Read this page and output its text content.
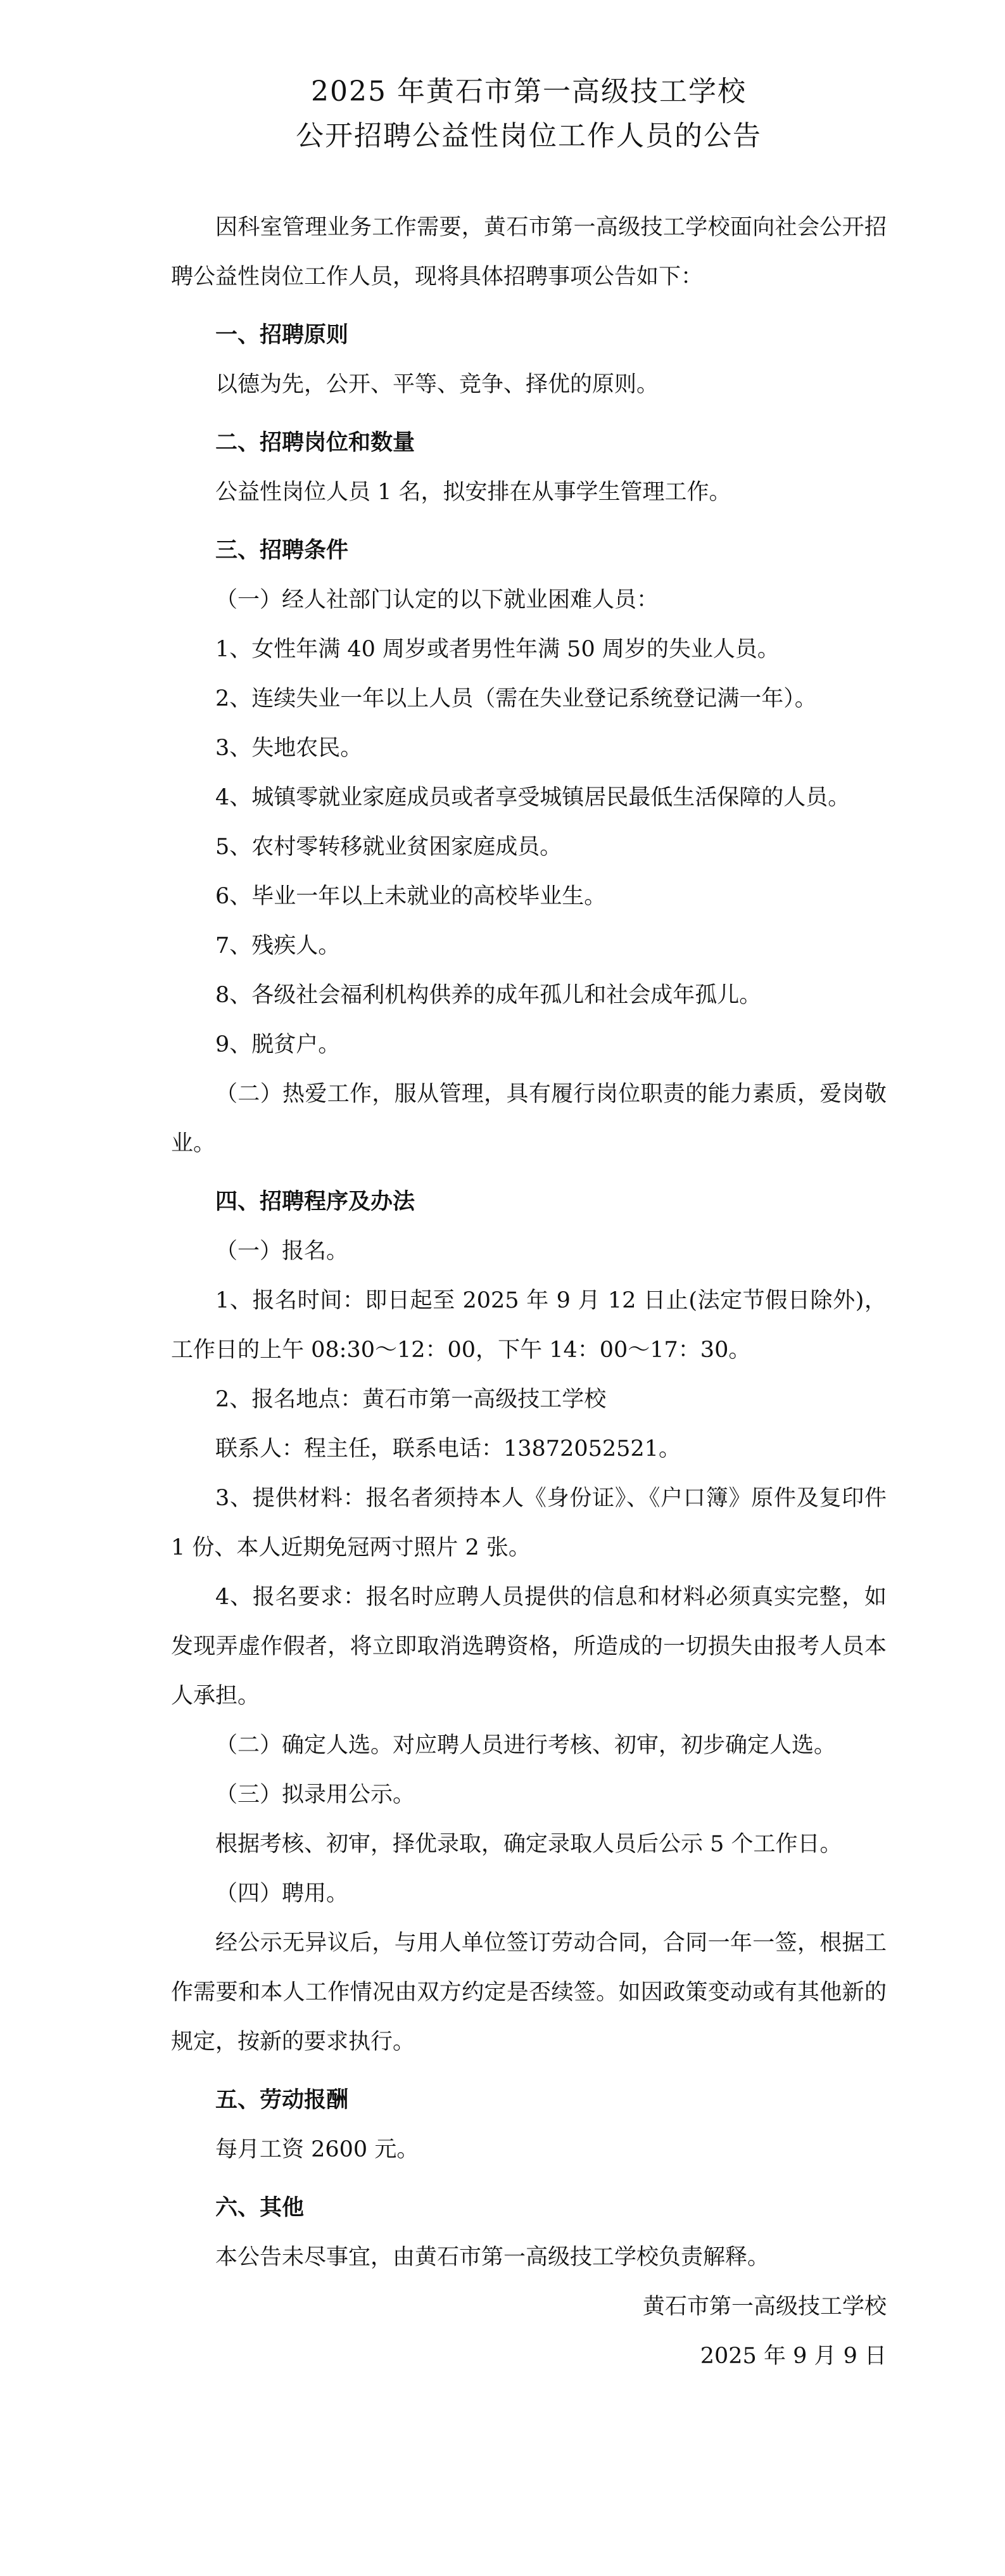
2025 年黄石市第一高级技工学校
公开招聘公益性岗位工作人员的公告

因科室管理业务工作需要，黄石市第一高级技工学校面向社会公开招聘公益性岗位工作人员，现将具体招聘事项公告如下：

一、招聘原则

以德为先，公开、平等、竞争、择优的原则。

二、招聘岗位和数量

公益性岗位人员 1 名，拟安排在从事学生管理工作。

三、招聘条件

（一）经人社部门认定的以下就业困难人员：

1、女性年满 40 周岁或者男性年满 50 周岁的失业人员。

2、连续失业一年以上人员（需在失业登记系统登记满一年）。

3、失地农民。

4、城镇零就业家庭成员或者享受城镇居民最低生活保障的人员。

5、农村零转移就业贫困家庭成员。

6、毕业一年以上未就业的高校毕业生。

7、残疾人。

8、各级社会福利机构供养的成年孤儿和社会成年孤儿。

9、脱贫户。

（二）热爱工作，服从管理，具有履行岗位职责的能力素质，爱岗敬业。

四、招聘程序及办法

（一）报名。

1、报名时间：即日起至 2025 年 9 月 12 日止(法定节假日除外)，工作日的上午 08:30～12：00，下午 14：00～17：30。

2、报名地点：黄石市第一高级技工学校

联系人：程主任，联系电话：13872052521。

3、提供材料：报名者须持本人《身份证》、《户口簿》原件及复印件 1 份、本人近期免冠两寸照片 2 张。

4、报名要求：报名时应聘人员提供的信息和材料必须真实完整，如发现弄虚作假者，将立即取消选聘资格，所造成的一切损失由报考人员本人承担。

（二）确定人选。对应聘人员进行考核、初审，初步确定人选。

（三）拟录用公示。

根据考核、初审，择优录取，确定录取人员后公示 5 个工作日。

（四）聘用。

经公示无异议后，与用人单位签订劳动合同，合同一年一签，根据工作需要和本人工作情况由双方约定是否续签。如因政策变动或有其他新的规定，按新的要求执行。

五、劳动报酬

每月工资 2600 元。

六、其他

本公告未尽事宜，由黄石市第一高级技工学校负责解释。

黄石市第一高级技工学校

2025 年 9 月 9 日
